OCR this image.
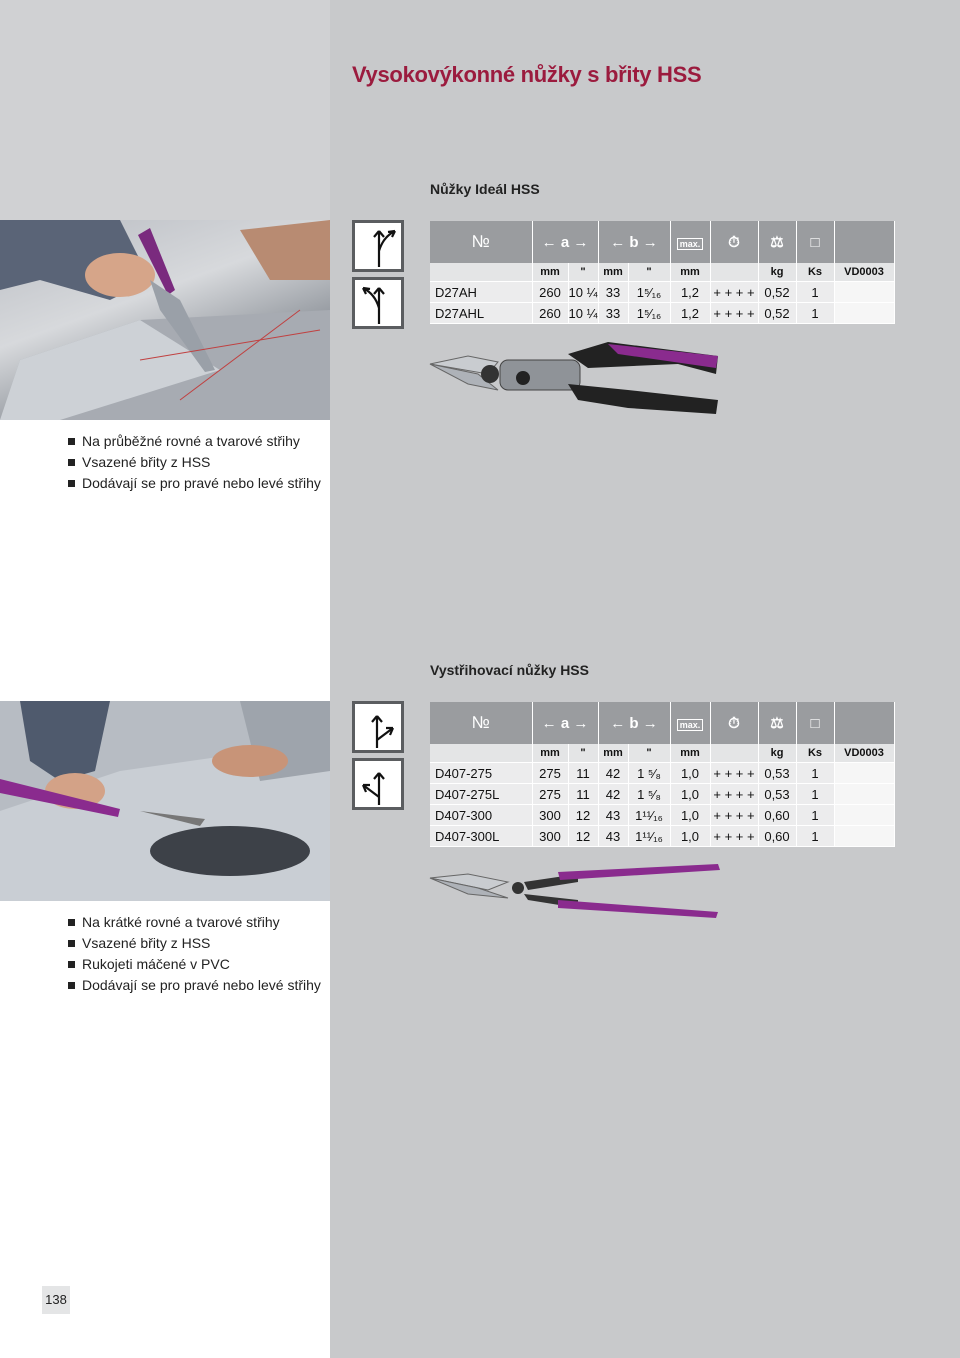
Vysokovýkonné nůžky s břity HSS
Nůžky Ideál HSS
№	← a →		← b →		max.	⏱	⚖	□	
	mm	"	mm	"	mm		kg	Ks	VD0003
D27AH	260	10 ¼	33	1⁵⁄₁₆	1,2	+ + + +	0,52	1	
D27AHL	260	10 ¼	33	1⁵⁄₁₆	1,2	+ + + +	0,52	1	
Na průběžné rovné a tvarové střihy
Vsazené břity z HSS
Dodávají se pro pravé nebo levé střihy
Vystřihovací nůžky HSS
№	← a →		← b →		max.	⏱	⚖	□	
	mm	"	mm	"	mm		kg	Ks	VD0003
D407-275	275	11	42	1 ⁵⁄₈	1,0	+ + + +	0,53	1	
D407-275L	275	11	42	1 ⁵⁄₈	1,0	+ + + +	0,53	1	
D407-300	300	12	43	1¹¹⁄₁₆	1,0	+ + + +	0,60	1	
D407-300L	300	12	43	1¹¹⁄₁₆	1,0	+ + + +	0,60	1	
Na krátké rovné a tvarové střihy
Vsazené břity z HSS
Rukojeti máčené v PVC
Dodávají se pro pravé nebo levé střihy
138
